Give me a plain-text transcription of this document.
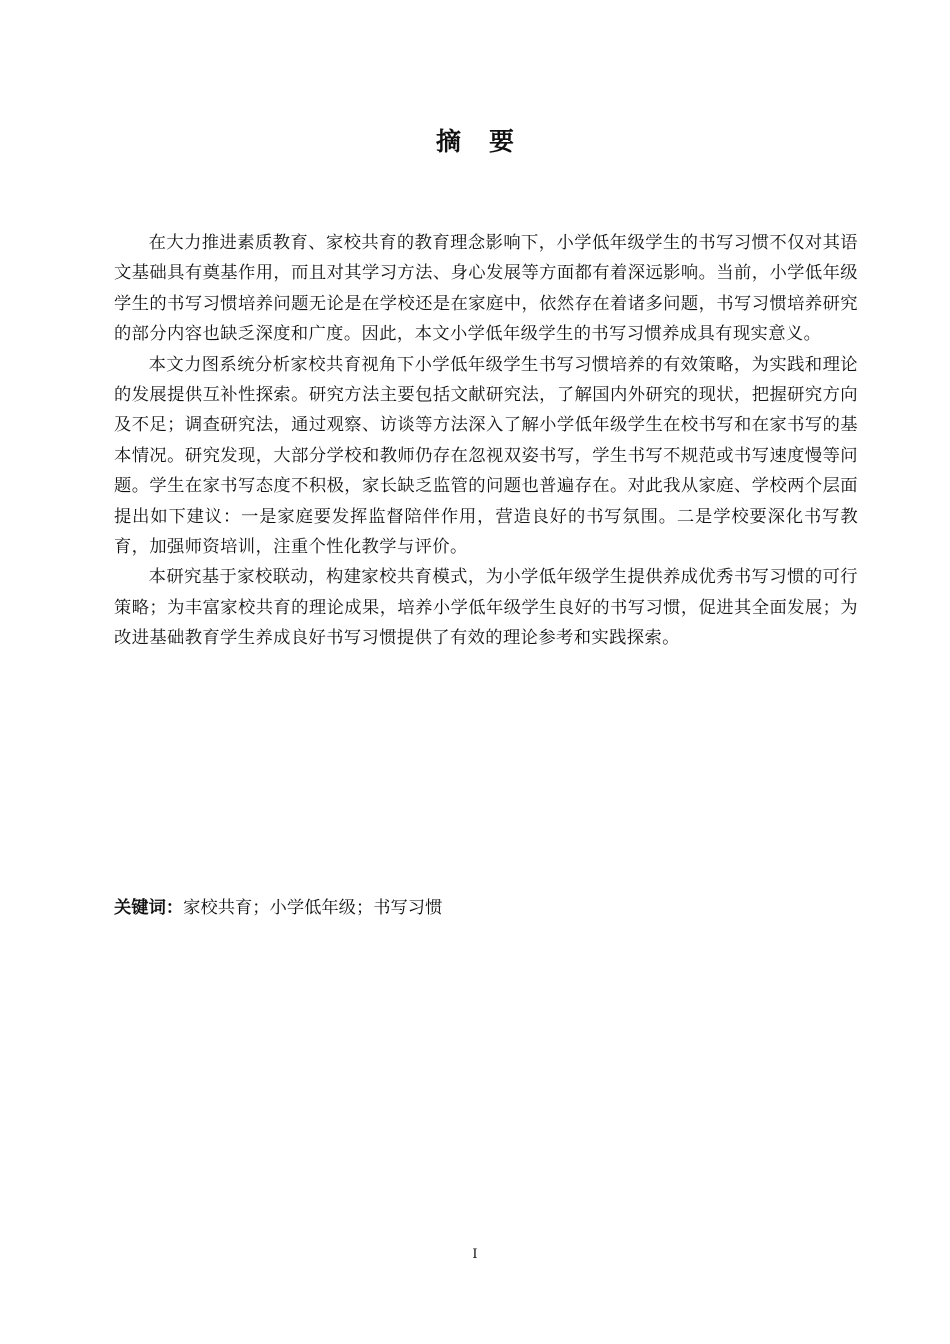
摘要

在大力推进素质教育、家校共育的教育理念影响下，小学低年级学生的书写习惯不仅对其语文基础具有奠基作用，而且对其学习方法、身心发展等方面都有着深远影响。当前，小学低年级学生的书写习惯培养问题无论是在学校还是在家庭中，依然存在着诸多问题，书写习惯培养研究的部分内容也缺乏深度和广度。因此，本文小学低年级学生的书写习惯养成具有现实意义。

本文力图系统分析家校共育视角下小学低年级学生书写习惯培养的有效策略，为实践和理论的发展提供互补性探索。研究方法主要包括文献研究法，了解国内外研究的现状，把握研究方向及不足；调查研究法，通过观察、访谈等方法深入了解小学低年级学生在校书写和在家书写的基本情况。研究发现，大部分学校和教师仍存在忽视双姿书写，学生书写不规范或书写速度慢等问题。学生在家书写态度不积极，家长缺乏监管的问题也普遍存在。对此我从家庭、学校两个层面提出如下建议：一是家庭要发挥监督陪伴作用，营造良好的书写氛围。二是学校要深化书写教育，加强师资培训，注重个性化教学与评价。

本研究基于家校联动，构建家校共育模式，为小学低年级学生提供养成优秀书写习惯的可行策略；为丰富家校共育的理论成果，培养小学低年级学生良好的书写习惯，促进其全面发展；为改进基础教育学生养成良好书写习惯提供了有效的理论参考和实践探索。

关键词：家校共育；小学低年级；书写习惯
I
